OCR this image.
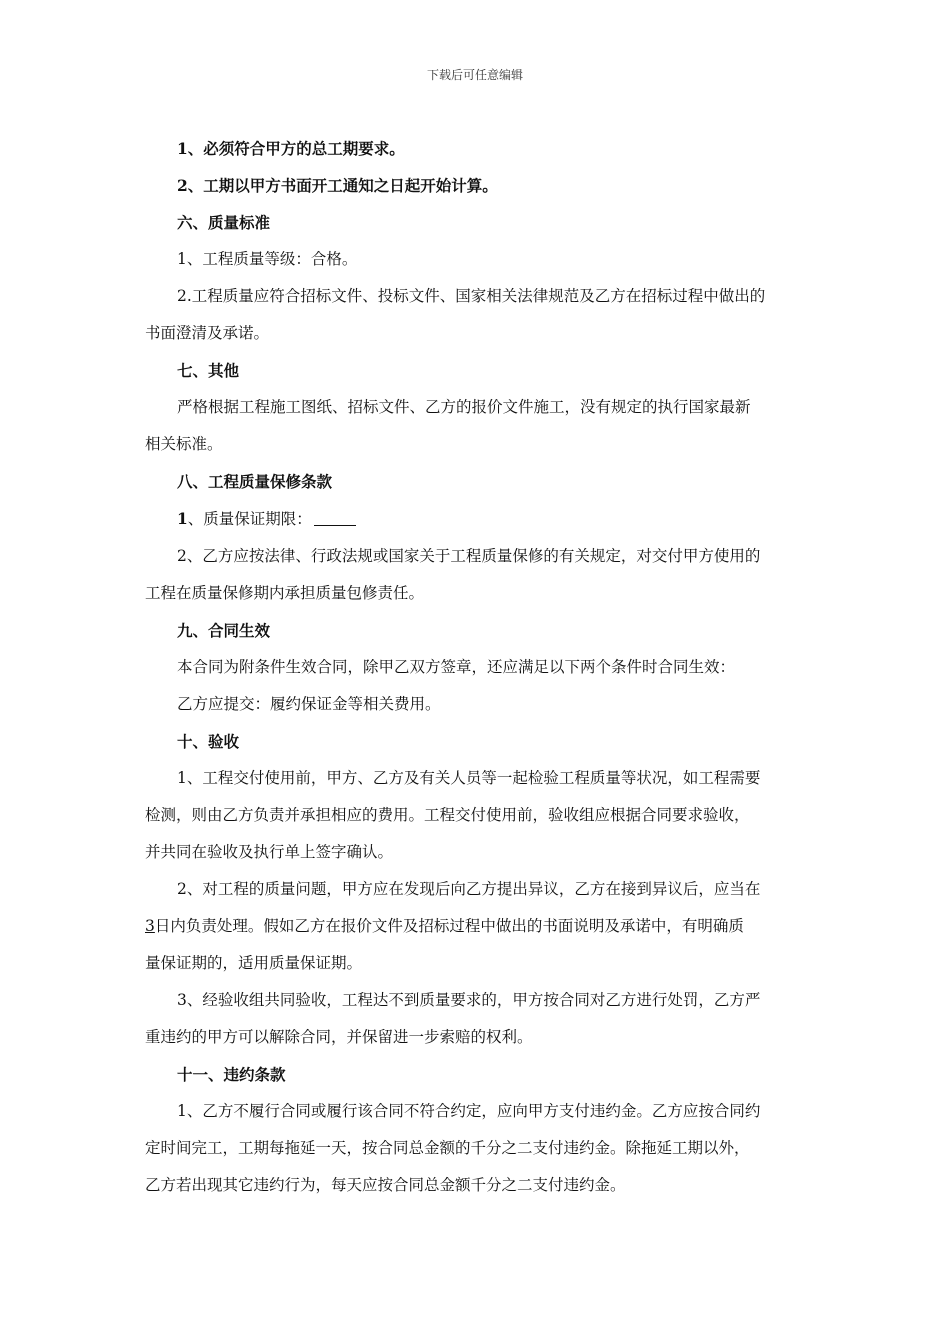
下载后可任意编辑

1、必须符合甲方的总工期要求。

2、工期以甲方书面开工通知之日起开始计算。

六、质量标准

1、工程质量等级：合格。

2.工程质量应符合招标文件、投标文件、国家相关法律规范及乙方在招标过程中做出的

书面澄清及承诺。

七、其他

严格根据工程施工图纸、招标文件、乙方的报价文件施工，没有规定的执行国家最新

相关标准。

八、工程质量保修条款

1、质量保证期限：

2、乙方应按法律、行政法规或国家关于工程质量保修的有关规定，对交付甲方使用的

工程在质量保修期内承担质量包修责任。

九、合同生效

本合同为附条件生效合同，除甲乙双方签章，还应满足以下两个条件时合同生效：

乙方应提交：履约保证金等相关费用。

十、验收

1、工程交付使用前，甲方、乙方及有关人员等一起检验工程质量等状况，如工程需要

检测，则由乙方负责并承担相应的费用。工程交付使用前，验收组应根据合同要求验收，

并共同在验收及执行单上签字确认。

2、对工程的质量问题，甲方应在发现后向乙方提出异议，乙方在接到异议后，应当在

3日内负责处理。假如乙方在报价文件及招标过程中做出的书面说明及承诺中，有明确质

量保证期的，适用质量保证期。

3、经验收组共同验收，工程达不到质量要求的，甲方按合同对乙方进行处罚，乙方严

重违约的甲方可以解除合同，并保留进一步索赔的权利。

十一、违约条款

1、乙方不履行合同或履行该合同不符合约定，应向甲方支付违约金。乙方应按合同约

定时间完工，工期每拖延一天，按合同总金额的千分之二支付违约金。除拖延工期以外，

乙方若出现其它违约行为，每天应按合同总金额千分之二支付违约金。
